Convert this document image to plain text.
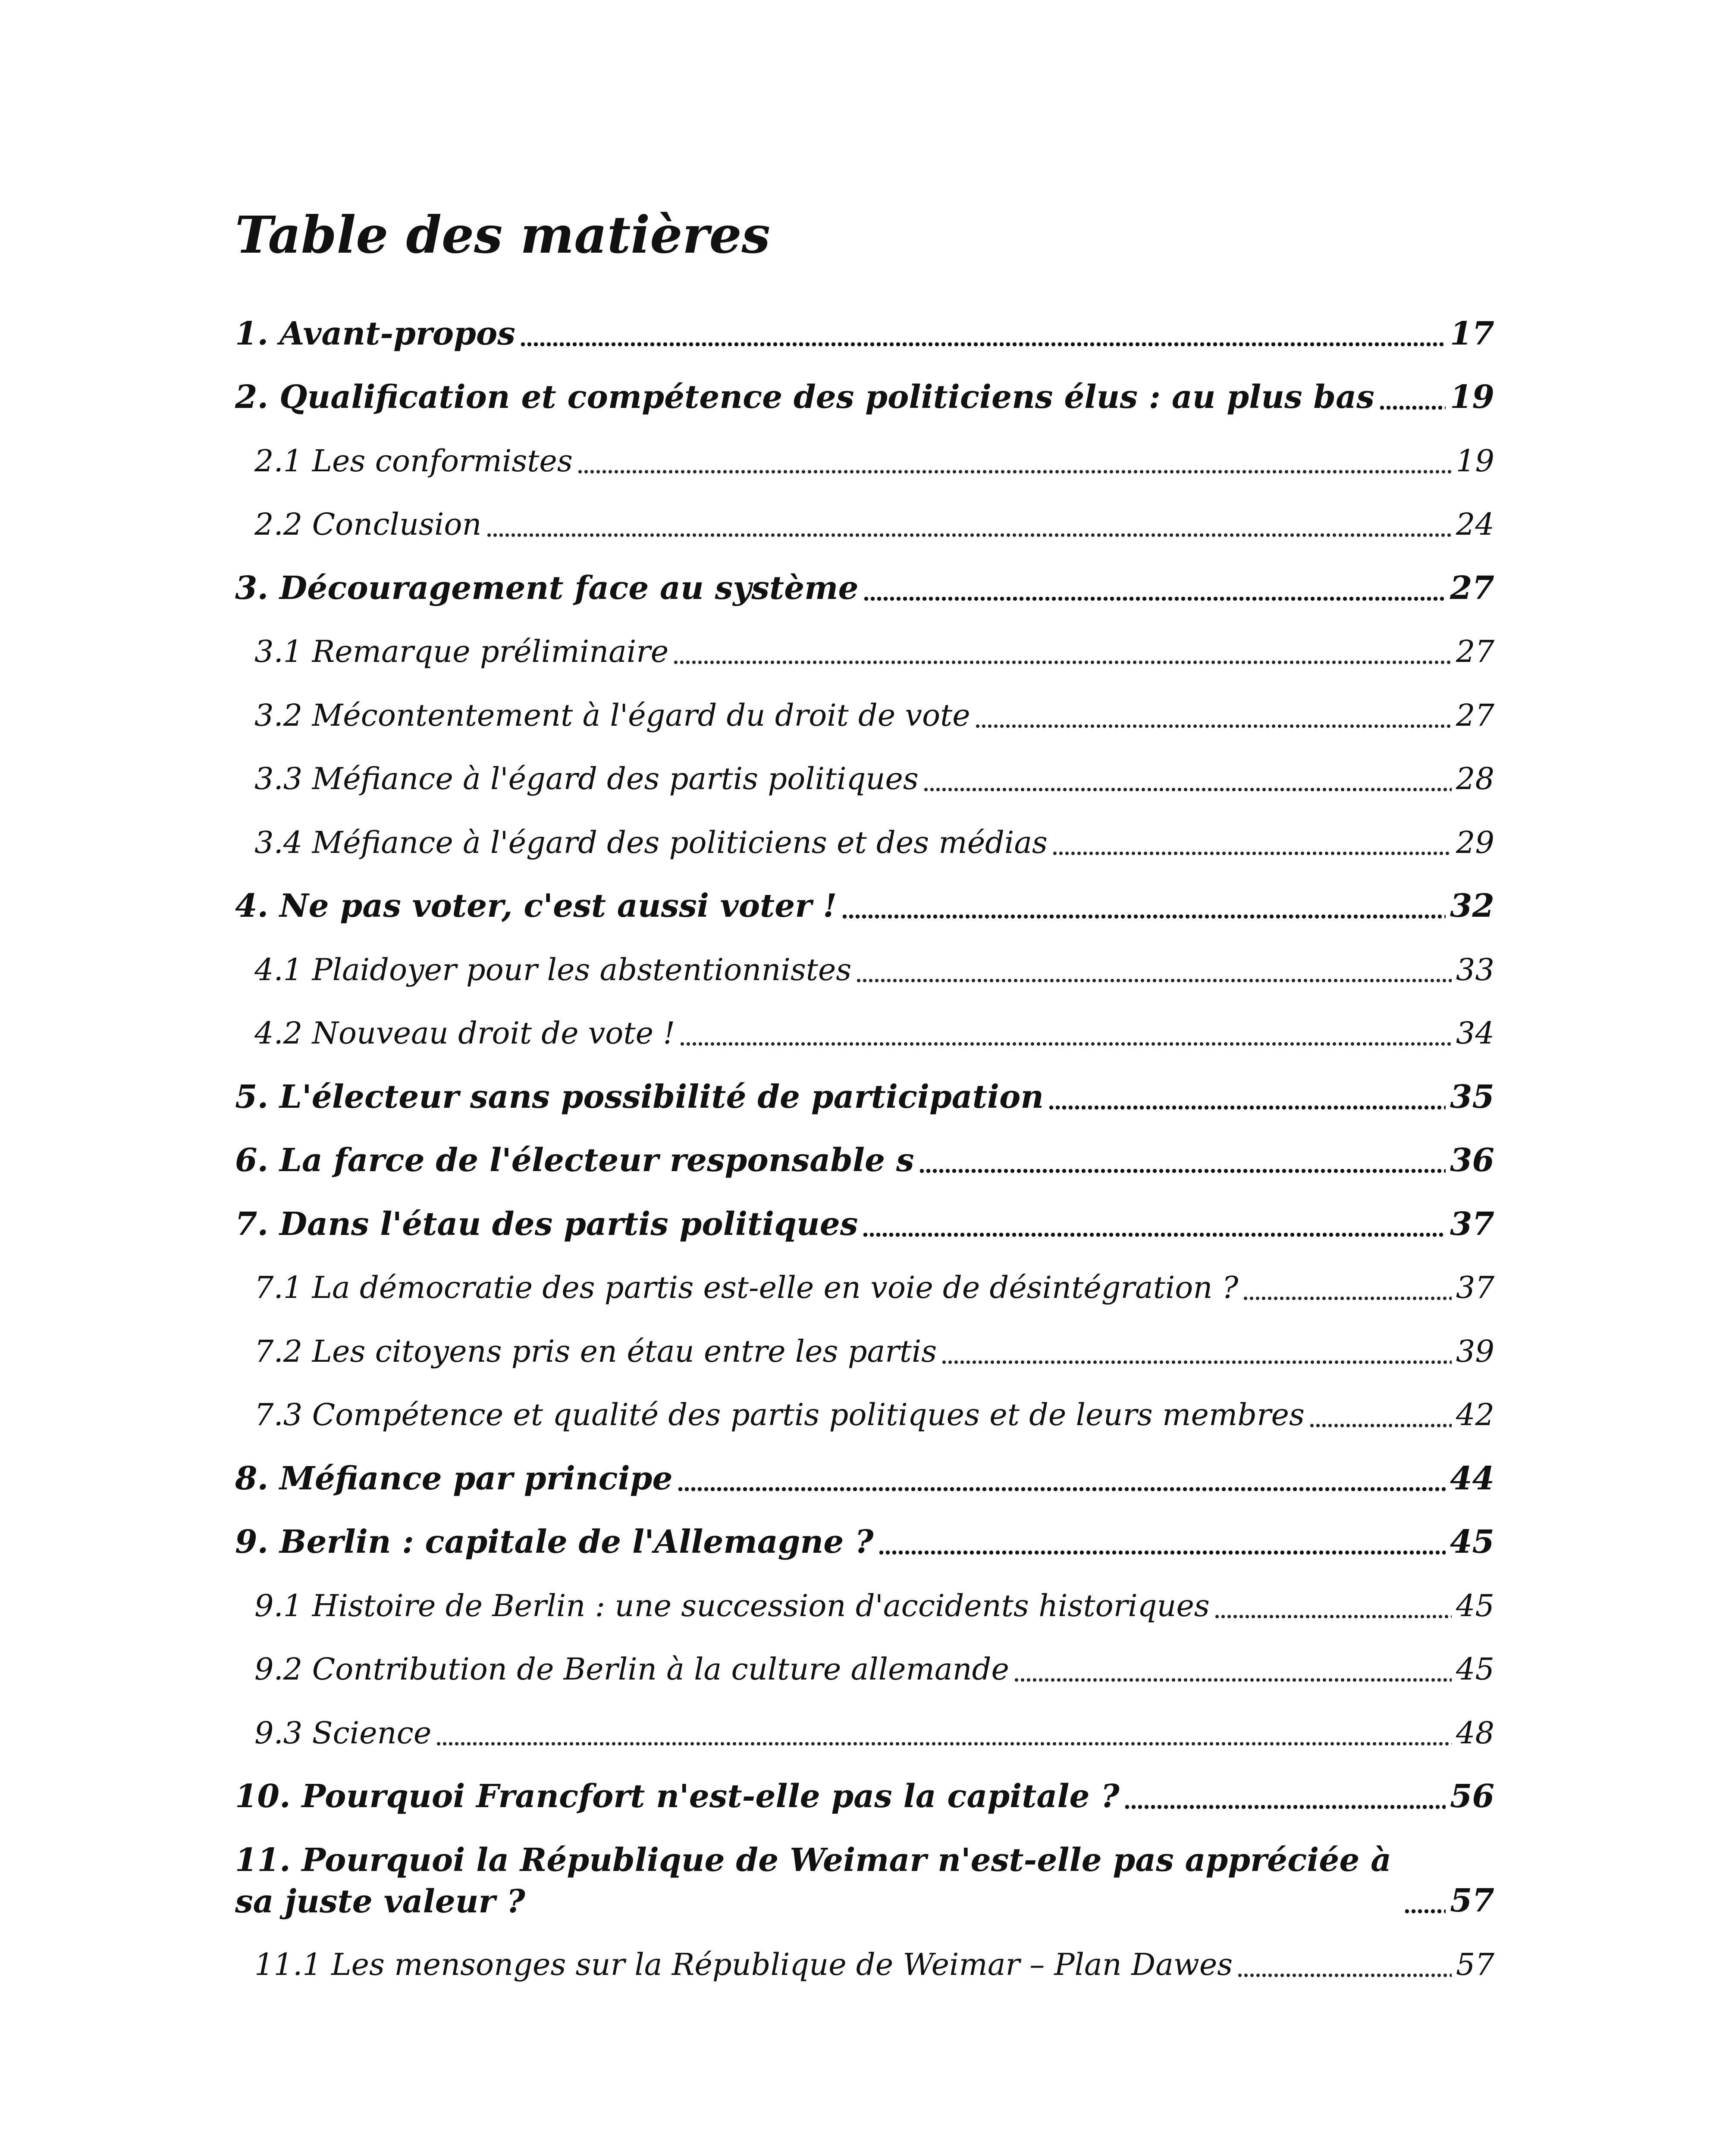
Table des matières
1. Avant-propos	17
2. Qualification et compétence des politiciens élus : au plus bas 19
2.1 Les conformistes	19
2.2 Conclusion	24
3. Découragement face au système	27
3.1 Remarque préliminaire	27
3.2 Mécontentement à l'égard du droit de vote	27
3.3 Méfiance à l'égard des partis politiques	28
3.4 Méfiance à l'égard des politiciens et des médias	29
4. Ne pas voter, c'est aussi voter !	32
4.1 Plaidoyer pour les abstentionnistes	33
4.2 Nouveau droit de vote !	34
5. L'électeur sans possibilité de participation	35
6. La farce de l'électeur responsable s	36
7. Dans l'étau des partis politiques	37
7.1 La démocratie des partis est-elle en voie de désintégration ?	37
7.2 Les citoyens pris en étau entre les partis	39
7.3 Compétence et qualité des partis politiques et de leurs membres	42
8. Méfiance par principe	44
9. Berlin : capitale de l'Allemagne ?	45
9.1 Histoire de Berlin : une succession d'accidents historiques	45
9.2 Contribution de Berlin à la culture allemande	45
9.3 Science	48
10. Pourquoi Francfort n'est-elle pas la capitale ?	56
11. Pourquoi la République de Weimar n'est-elle pas appréciée à sa juste valeur ?	57
11.1 Les mensonges sur la République de Weimar – Plan Dawes	57
